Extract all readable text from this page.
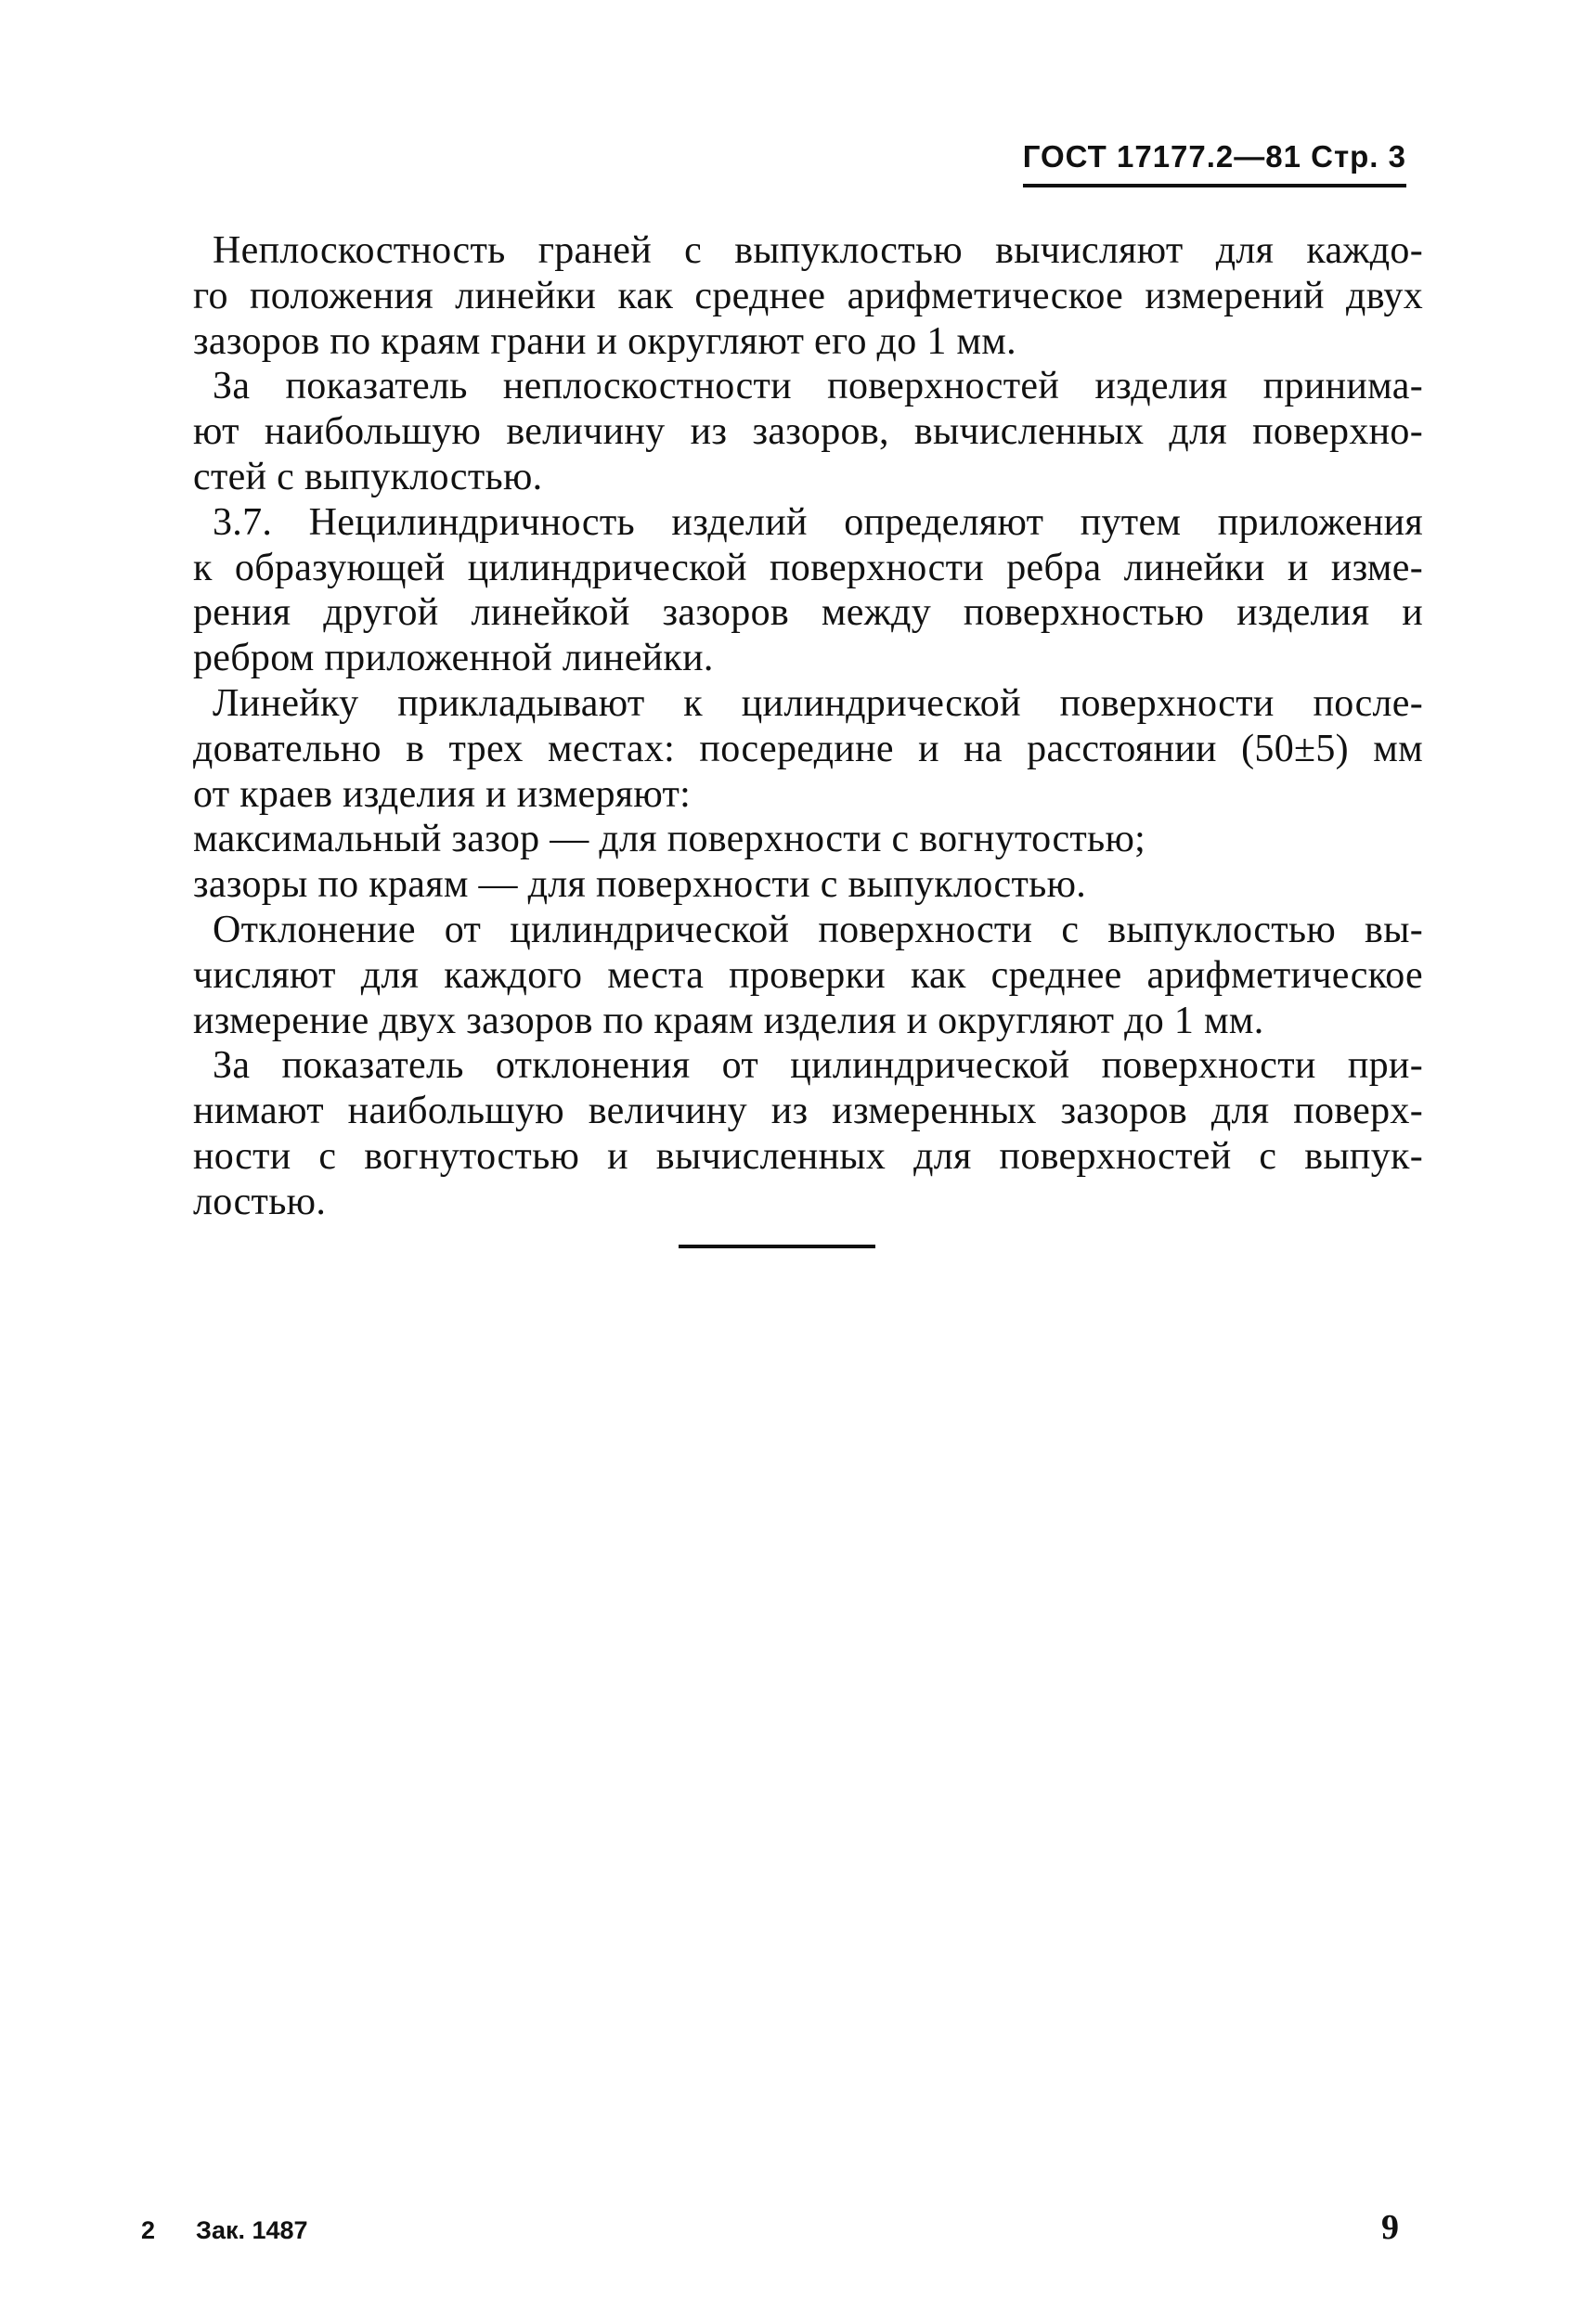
ГОСТ 17177.2—81 Стр. 3
Неплоскостность граней с выпуклостью вычисляют для каждо-
го положения линейки как среднее арифметическое измерений двух
зазоров по краям грани и округляют его до 1 мм.
За показатель неплоскостности поверхностей изделия принима-
ют наибольшую величину из зазоров, вычисленных для поверхно-
стей с выпуклостью.
3.7. Нецилиндричность изделий определяют путем приложения
к образующей цилиндрической поверхности ребра линейки и изме-
рения другой линейкой зазоров между поверхностью изделия и
ребром приложенной линейки.
Линейку прикладывают к цилиндрической поверхности после-
довательно в трех местах: посередине и на расстоянии (50±5) мм
от краев изделия и измеряют:
максимальный зазор — для поверхности с вогнутостью;
зазоры по краям — для поверхности с выпуклостью.
Отклонение от цилиндрической поверхности с выпуклостью вы-
числяют для каждого места проверки как среднее арифметическое
измерение двух зазоров по краям изделия и округляют до 1 мм.
За показатель отклонения от цилиндрической поверхности при-
нимают наибольшую величину из измеренных зазоров для поверх-
ности с вогнутостью и вычисленных для поверхностей с выпук-
лостью.
2 Зак. 1487	9
